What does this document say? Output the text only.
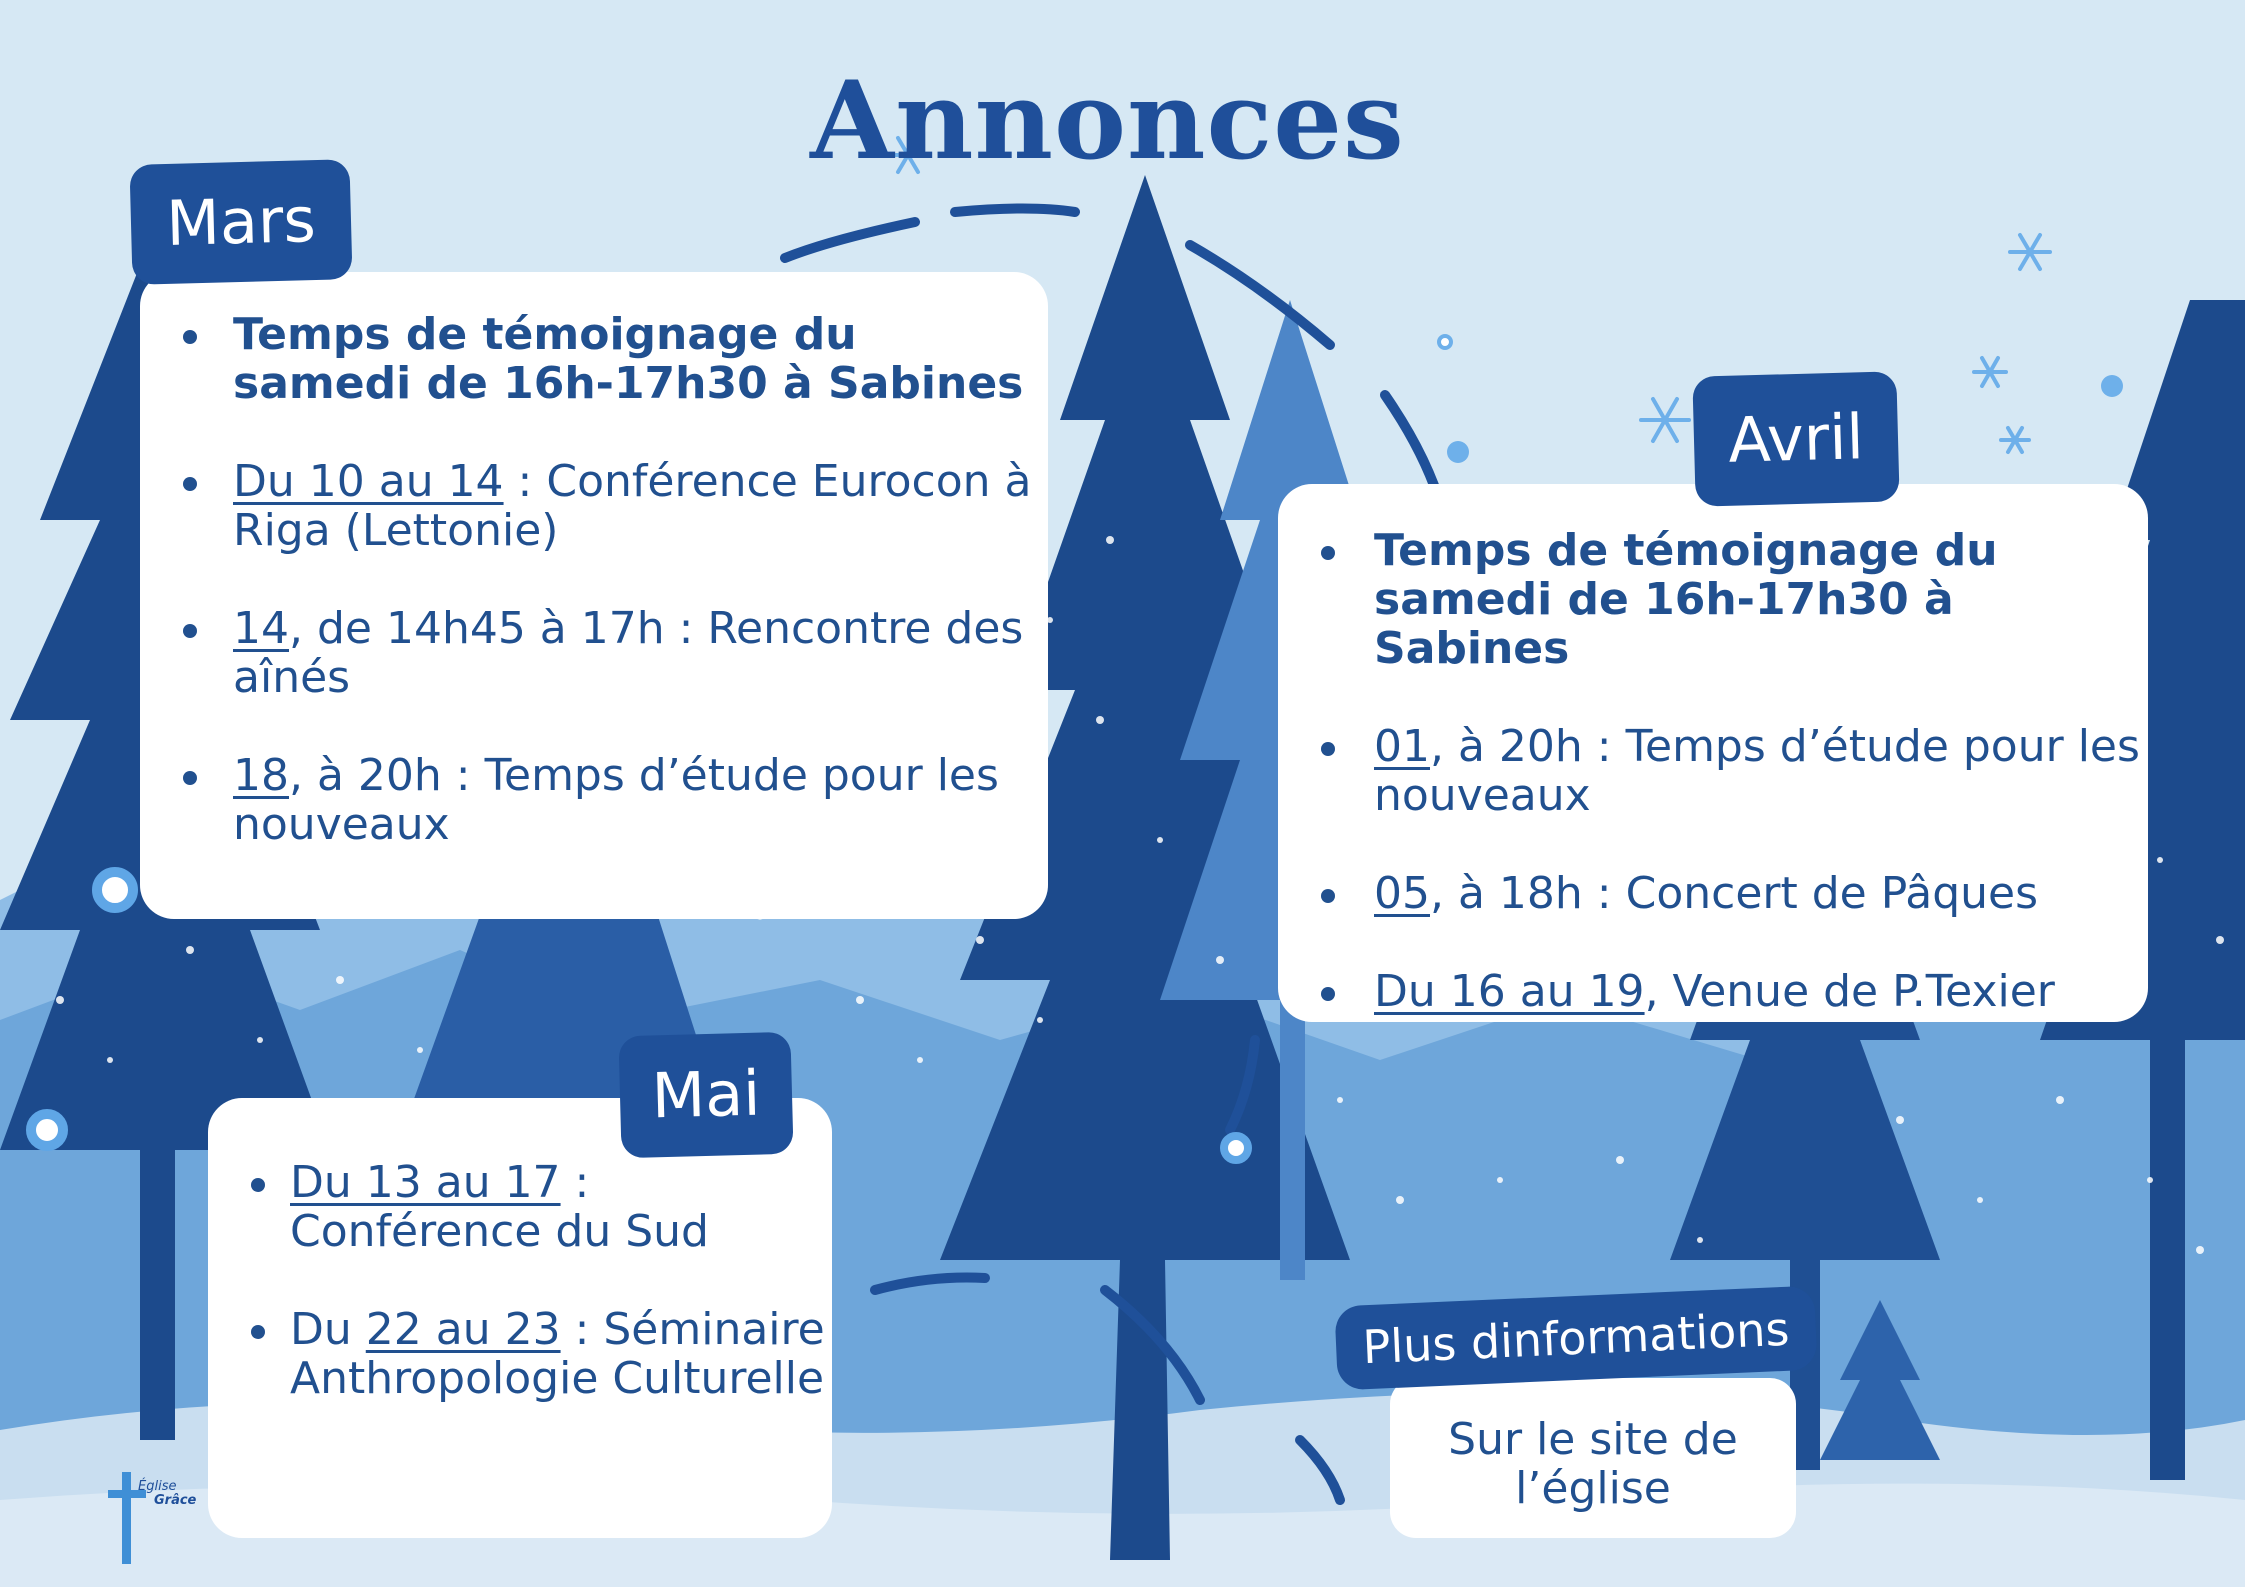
Annonces
Temps de témoignage du samedi de 16h-17h30 à Sabines
Du 10 au 14 : Conférence Eurocon à Riga (Lettonie)
14, de 14h45 à 17h : Rencontre des aînés
18, à 20h : Temps d’étude pour les nouveaux
Mars
Temps de témoignage du samedi de 16h-17h30 à Sabines
01, à 20h : Temps d’étude pour les nouveaux
05, à 18h : Concert de Pâques
Du 16 au 19, Venue de P.Texier
Avril
Du 13 au 17 : Conférence du Sud
Du 22 au 23 : Séminaire Anthropologie Culturelle
Mai
Sur le site de l’église
Plus dinformations
Église
Grâce
